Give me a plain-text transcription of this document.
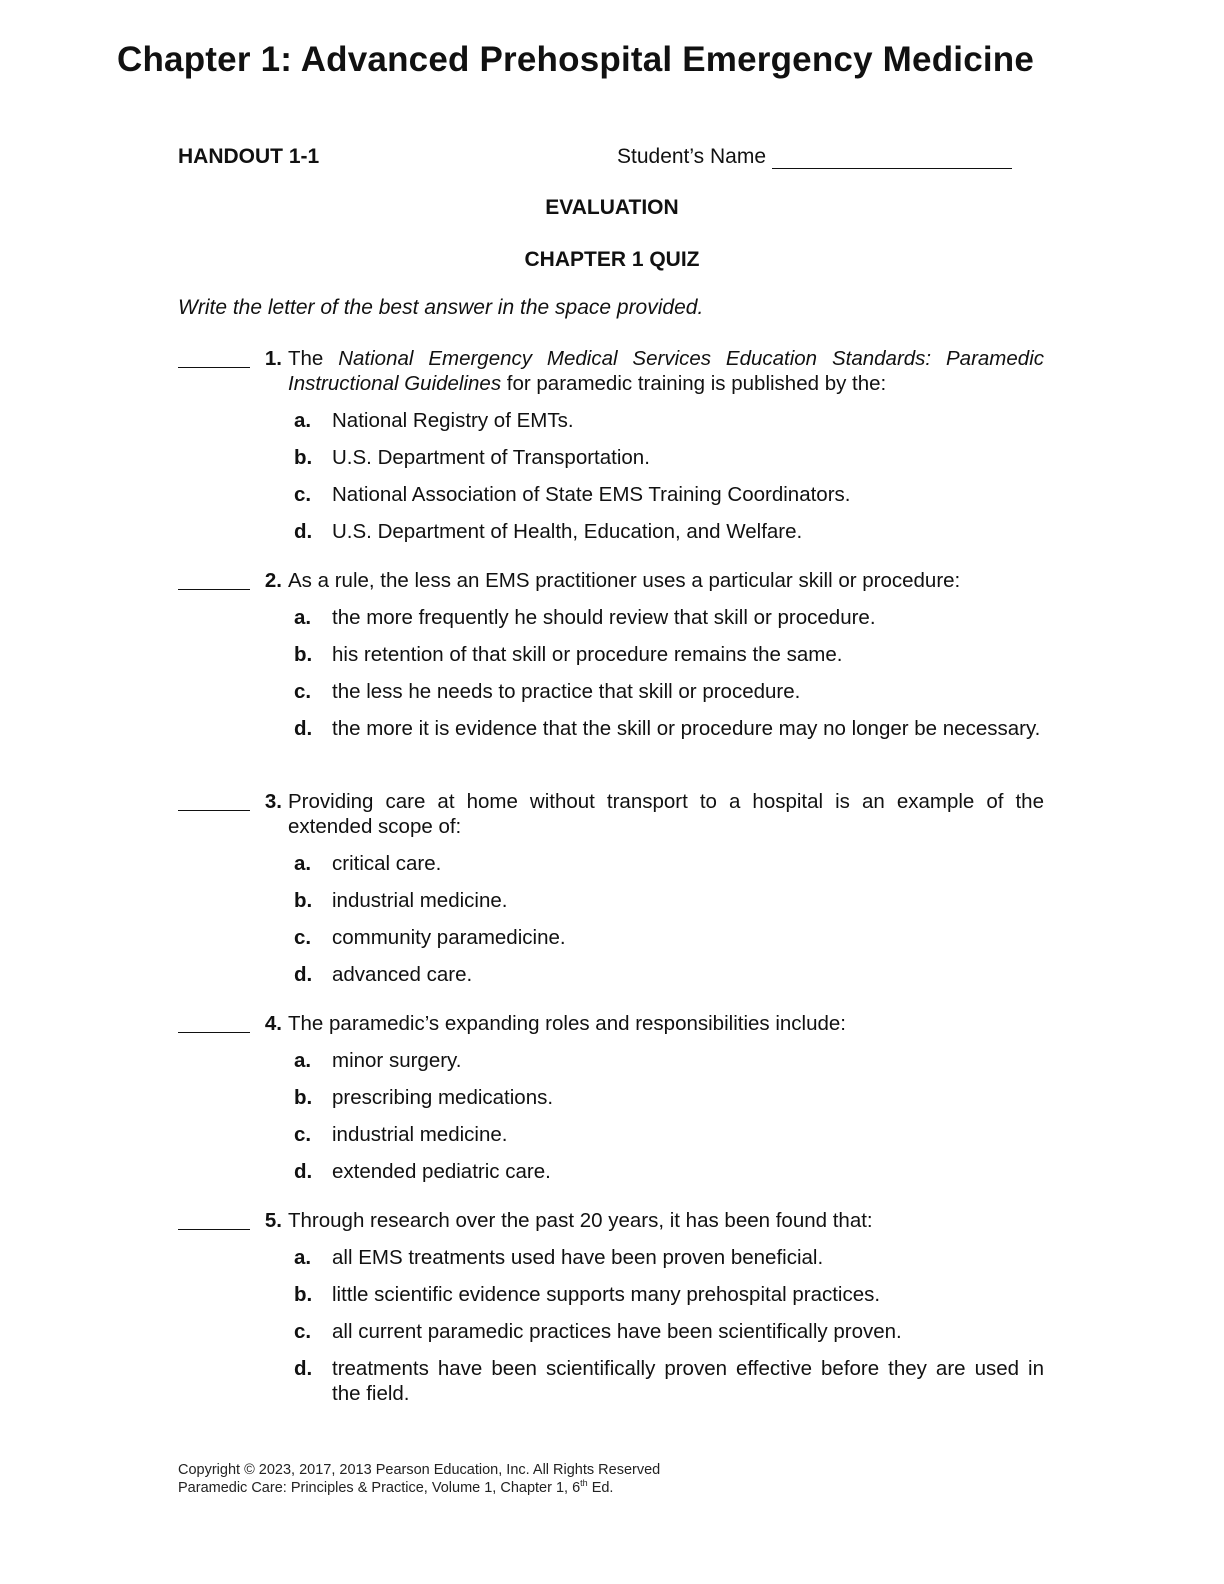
Chapter 1: Advanced Prehospital Emergency Medicine
HANDOUT 1-1	Student’s Name
EVALUATION
CHAPTER 1 QUIZ
Write the letter of the best answer in the space provided.
1. The National Emergency Medical Services Education Standards: Paramedic Instructional Guidelines for paramedic training is published by the:
a.	National Registry of EMTs.
b. U.S. Department of Transportation.
c.	National Association of State EMS Training Coordinators.
d. U.S. Department of Health, Education, and Welfare.
2. As a rule, the less an EMS practitioner uses a particular skill or procedure:
a.	the more frequently he should review that skill or procedure.
b. his retention of that skill or procedure remains the same.
c.	the less he needs to practice that skill or procedure.
d. the more it is evidence that the skill or procedure may no longer be necessary.
3. Providing care at home without transport to a hospital is an example of the extended scope of:
a.	critical care.
b. industrial medicine.
c.	community paramedicine.
d. advanced care.
4. The paramedic’s expanding roles and responsibilities include:
a.	minor surgery.
b. prescribing medications.
c.	industrial medicine.
d. extended pediatric care.
5. Through research over the past 20 years, it has been found that:
a.	all EMS treatments used have been proven beneficial.
b. little scientific evidence supports many prehospital practices.
c.	all current paramedic practices have been scientifically proven.
d. treatments have been scientifically proven effective before they are used in the field.
Copyright © 2023, 2017, 2013 Pearson Education, Inc. All Rights Reserved
Paramedic Care: Principles & Practice, Volume 1, Chapter 1, 6th Ed.
